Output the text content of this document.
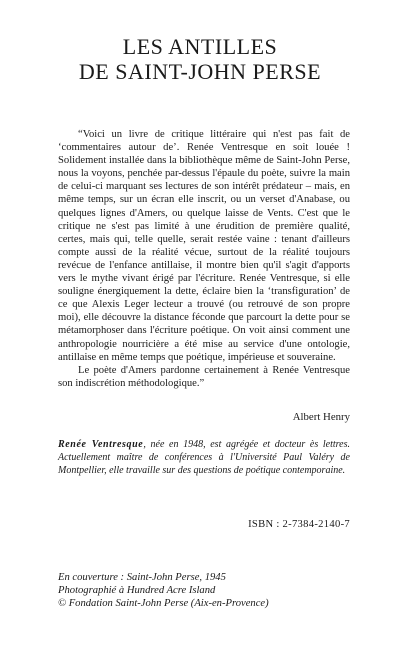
LES ANTILLES
DE SAINT-JOHN PERSE

“Voici un livre de critique littéraire qui n'est pas fait de ‘commentaires autour de’. Renée Ventresque en soit louée ! Solidement installée dans la bibliothèque même de Saint-John Perse, nous la voyons, penchée par-dessus l'épaule du poète, suivre la main de celui-ci marquant ses lectures de son intérêt prédateur – mais, en même temps, sur un écran elle inscrit, ou un verset d'Anabase, ou quelques lignes d'Amers, ou quelque laisse de Vents. C'est que le critique ne s'est pas limité à une érudition de première qualité, certes, mais qui, telle quelle, serait restée vaine : tenant d'ailleurs compte aussi de la réalité vécue, surtout de la réalité toujours revécue de l'enfance antillaise, il montre bien qu'il s'agit d'apports vers le mythe vivant érigé par l'écriture. Renée Ventresque, si elle souligne énergiquement la dette, éclaire bien la ‘transfiguration’ de ce que Alexis Leger lecteur a trouvé (ou retrouvé de son propre moi), elle découvre la distance féconde que parcourt la dette pour se métamorphoser dans l'écriture poétique. On voit ainsi comment une anthropologie nourricière a été mise au service d'une ontologie, antillaise en même temps que poétique, impérieuse et souveraine.

Le poète d'Amers pardonne certainement à Renée Ventresque son indiscrétion méthodologique.”

Albert Henry
Renée Ventresque, née en 1948, est agrégée et docteur ès lettres. Actuellement maître de conférences à l'Université Paul Valéry de Montpellier, elle travaille sur des questions de poétique contemporaine.
ISBN : 2-7384-2140-7
En couverture : Saint-John Perse, 1945
Photographié à Hundred Acre Island
© Fondation Saint-John Perse (Aix-en-Provence)
